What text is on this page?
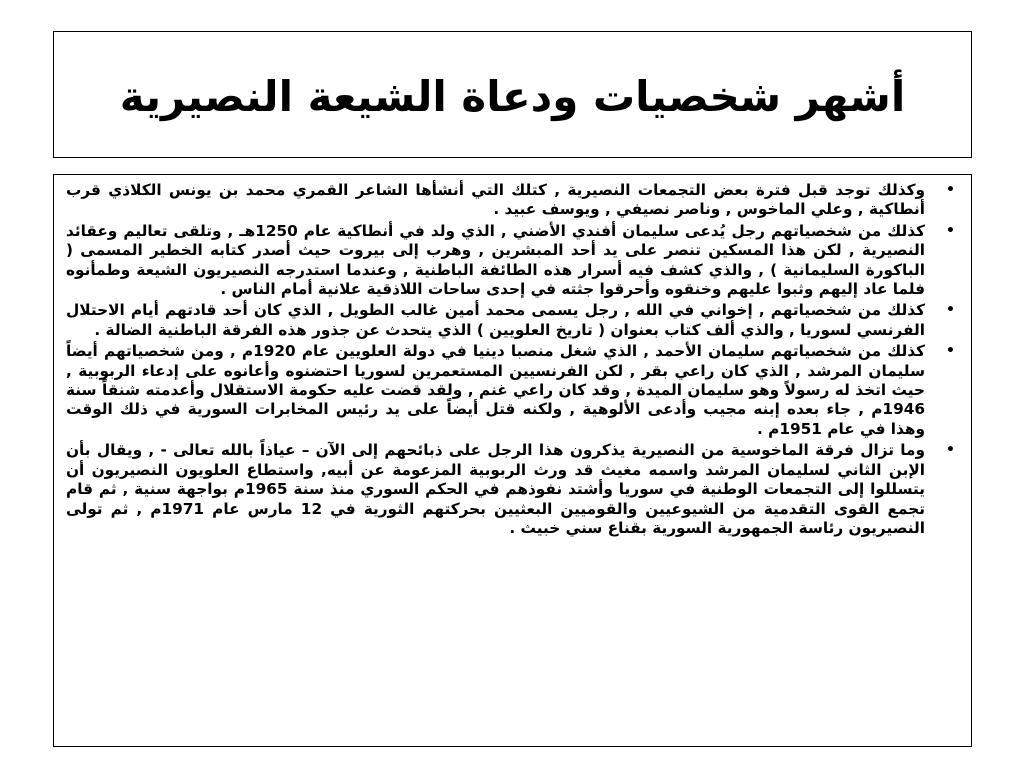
أشهر شخصيات ودعاة الشيعة النصيرية
•
وكذلك توجد قبل فترة بعض التجمعات النصيرية , كتلك التي أنشأها الشاعر القمري محمد بن يونس الكلاذي قرب أنطاكية , وعلي الماخوس , وناصر نصيفي , ويوسف عبيد .
•
كذلك من شخصياتهم رجل يُدعى سليمان أفندي الأضني , الذي ولد في أنطاكية عام 1250هـ , وتلقى تعاليم وعقائد النصيرية , لكن هذا المسكين تنصر على يد أحد المبشرين , وهرب إلى بيروت حيث أصدر كتابه الخطير المسمى ( الباكورة السليمانية ) , والذي كشف فيه أسرار هذه الطائفة الباطنية , وعندما استدرجه النصيريون الشيعة وطمأنوه فلما عاد إليهم وثبوا عليهم وخنقوه وأحرقوا جثته في إحدى ساحات اللاذقية علانية أمام الناس .
•
كذلك من شخصياتهم , إخواني في الله , رجل يسمى محمد أمين غالب الطويل , الذي كان أحد قادتهم أيام الاحتلال الفرنسي لسوريا , والذي ألف كتاب بعنوان ( تاريخ العلويين ) الذي يتحدث عن جذور هذه الفرقة الباطنية الضالة .
•
كذلك من شخصياتهم سليمان الأحمد , الذي شغل منصبا دينيا في دولة العلويين عام 1920م , ومن شخصياتهم أيضاً سليمان المرشد , الذي كان راعي بقر , لكن الفرنسيين المستعمرين لسوريا احتضنوه وأعانوه على إدعاء الربوبية , حيث اتخذ له رسولاً وهو سليمان الميدة , وقد كان راعي غنم , ولقد قضت عليه حكومة الاستقلال وأعدمته شنقاً سنة 1946م , جاء بعده إبنه مجيب وأدعى الألوهية , ولكنه قتل أيضاً على يد رئيس المخابرات السورية في ذلك الوقت وهذا في عام 1951م .
•
وما تزال فرقة الماخوسية من النصيرية يذكرون هذا الرجل على ذبائحهم إلى الآن – عياذاً بالله تعالى - , ويقال بأن الإبن الثاني لسليمان المرشد واسمه مغيث قد ورث الربوبية المزعومة عن أبيه, واستطاع العلويون النصيريون أن يتسللوا إلى التجمعات الوطنية في سوريا وأشتد نفوذهم في الحكم السوري منذ سنة 1965م بواجهة سنية , ثم قام تجمع القوى التقدمية من الشيوعيين والقوميين البعثيين بحركتهم الثورية في 12 مارس عام 1971م , ثم تولى النصيريون رئاسة الجمهورية السورية بقناع سني خبيث .
